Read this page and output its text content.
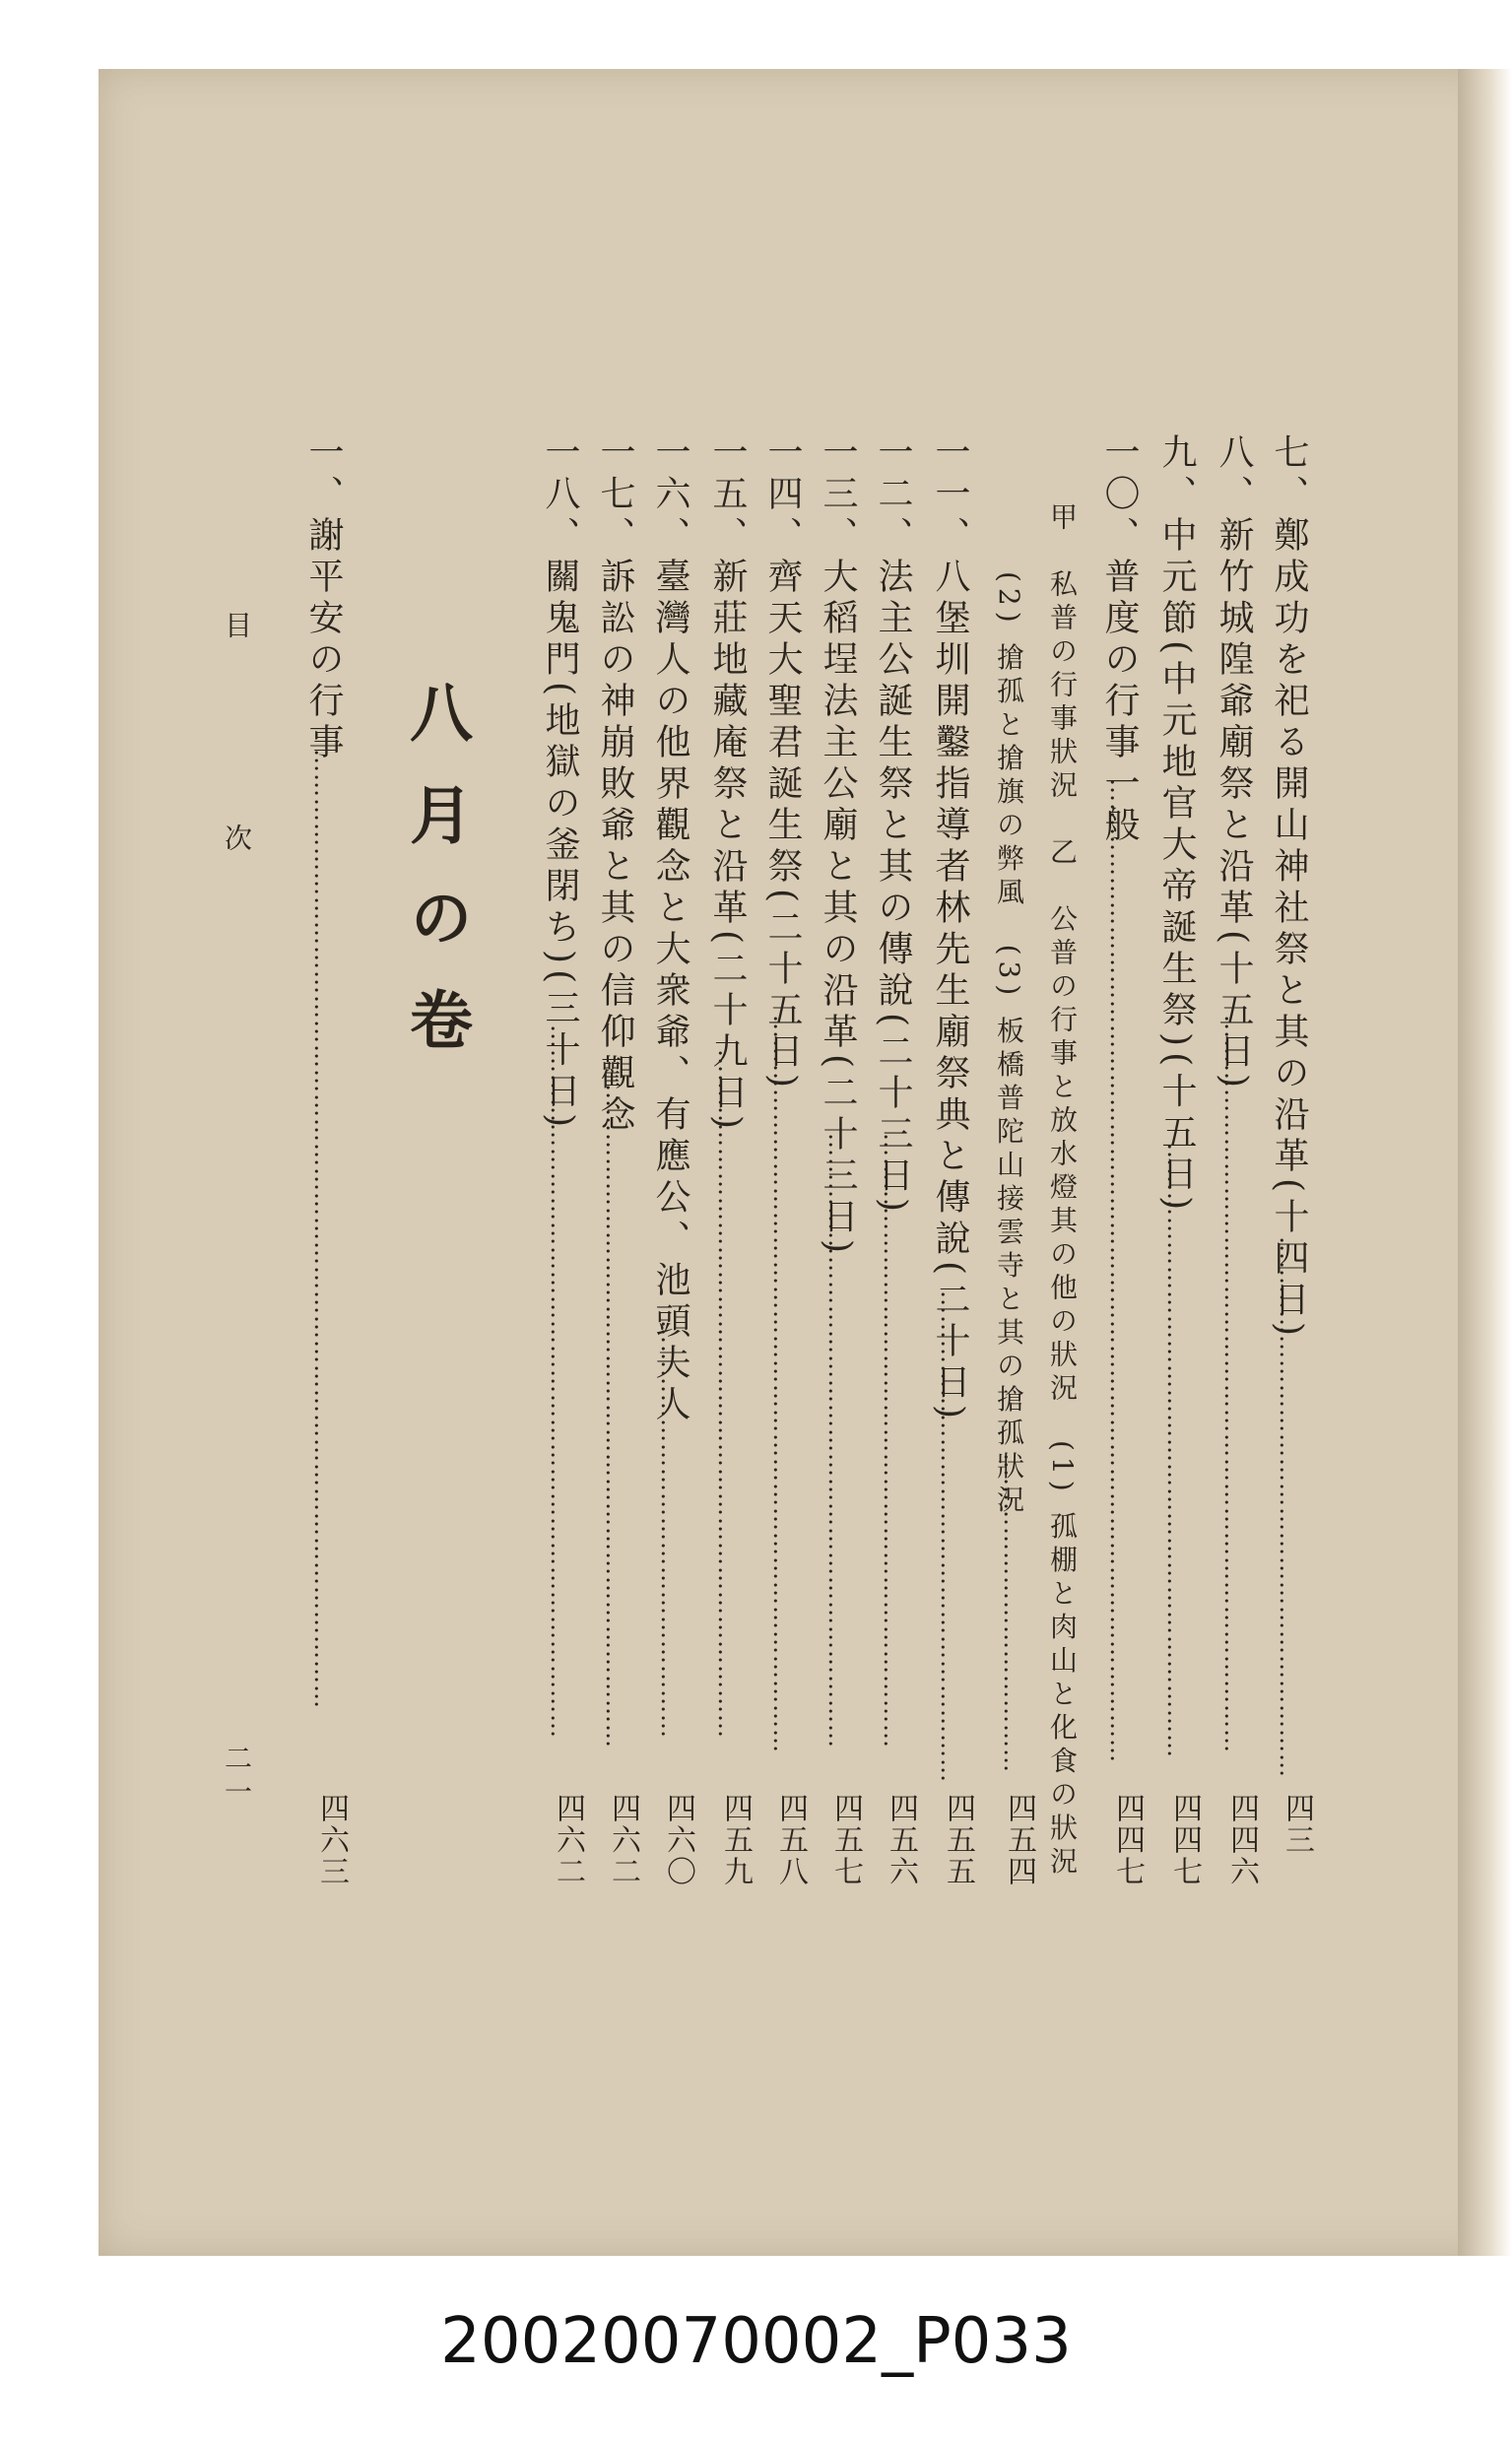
七、鄭成功を祀る開山神社祭と其の沿革(十四日)
…………………………………………………………
四三
八、新竹城隍爺廟祭と沿革(十五日)
………………………………………………………………………………
四四六
九、中元節(中元地官大帝誕生祭)(十五日)
…………………………………………………………………
四四七
一〇、普度の行事一般
…………………………………………………………………………………………………………
四四七
甲　私普の行事狀況　乙　公普の行事と放水燈其の他の狀況　(1) 孤棚と肉山と化食の狀況
(2) 搶孤と搶旗の弊風　(3) 板橋普陀山接雲寺と其の搶孤狀況
…………………………………
四五四
一一、八堡圳開鑿指導者林先生廟祭典と傳說(二十日)
……………………………………………………
四五五
一二、法主公誕生祭と其の傳說(二十三日)
…………………………………………………………………
四五六
一三、大稻埕法主公廟と其の沿革(二十三日)
…………………………………………………………………
四五七
一四、齊天大聖君誕生祭(二十五日)
………………………………………………………………………………
四五八
一五、新莊地藏庵祭と沿革(二十九日)
…………………………………………………………………………
四五九
一六、臺灣人の他界觀念と大衆爺、有應公、池頭夫人
……………………………………………
四六〇
一七、訴訟の神崩敗爺と其の信仰觀念
………………………………………………………………………
四六二
一八、關鬼門(地獄の釜閉ち)(三十日)
……………………………………………………………………………
四六二
八月の卷
一、謝平安の行事
………………………………………………………………………………………………………
四六三
目　次
二一
20020070002_P033
